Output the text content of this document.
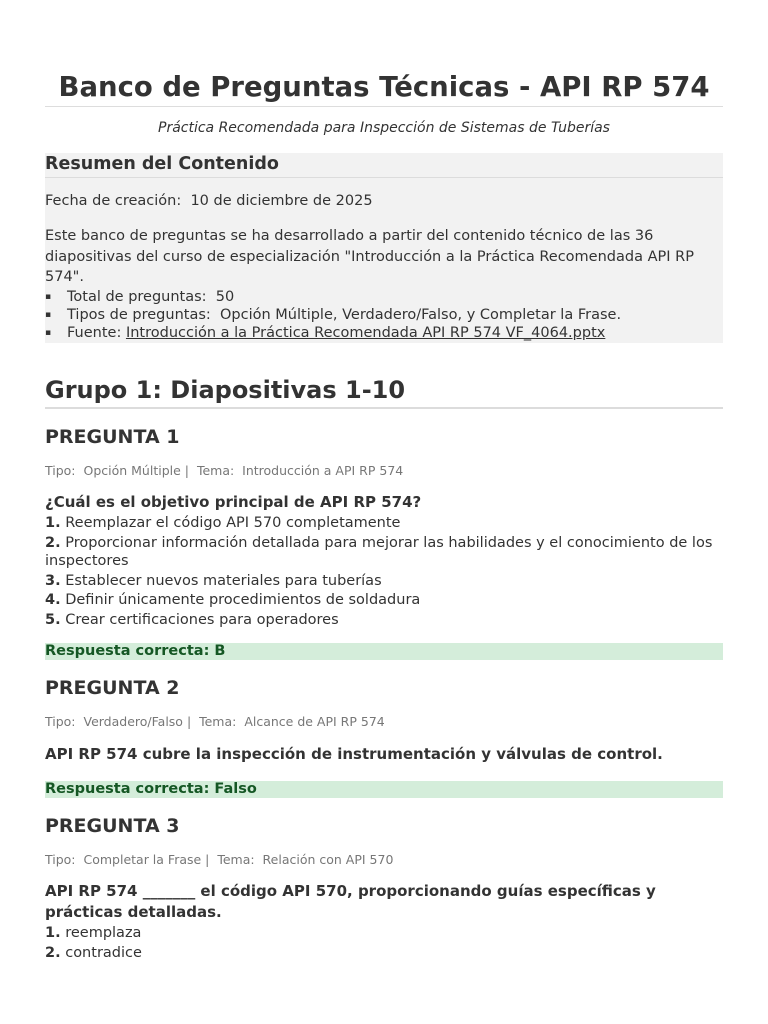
Banco de Preguntas Técnicas - API RP 574
Práctica Recomendada para Inspección de Sistemas de Tuberías
Resumen del Contenido
Fecha de creación: 10 de diciembre de 2025
Este banco de preguntas se ha desarrollado a partir del contenido técnico de las 36 diapositivas del curso de especialización "Introducción a la Práctica Recomendada API RP 574".
▪ Total de preguntas: 50
▪ Tipos de preguntas: Opción Múltiple, Verdadero/Falso, y Completar la Frase.
▪ Fuente: Introducción a la Práctica Recomendada API RP 574 VF_4064.pptx
Grupo 1: Diapositivas 1-10
PREGUNTA 1
Tipo: Opción Múltiple |  Tema: Introducción a API RP 574
¿Cuál es el objetivo principal de API RP 574?
1. Reemplazar el código API 570 completamente
2. Proporcionar información detallada para mejorar las habilidades y el conocimiento de los inspectores
3. Establecer nuevos materiales para tuberías
4. Definir únicamente procedimientos de soldadura
5. Crear certificaciones para operadores
Respuesta correcta: B
PREGUNTA 2
Tipo: Verdadero/Falso |  Tema: Alcance de API RP 574
API RP 574 cubre la inspección de instrumentación y válvulas de control.
Respuesta correcta: Falso
PREGUNTA 3
Tipo: Completar la Frase |  Tema: Relación con API 570
API RP 574 _______ el código API 570, proporcionando guías específicas y prácticas detalladas.
1. reemplaza
2. contradice
